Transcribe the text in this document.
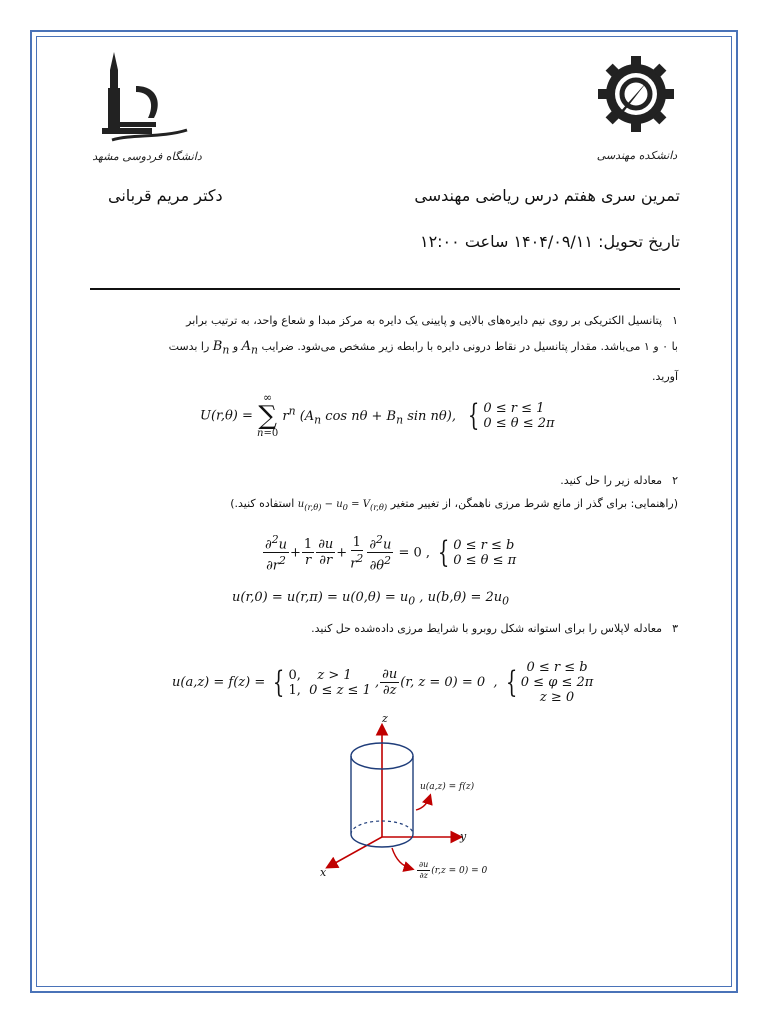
دانشگاه فردوسی مشهد	دانشکده مهندسی
تمرین سری هفتم درس ریاضی مهندسی
دکتر مریم قربانی
تاریخ تحویل: ۱۴۰۴/۰۹/۱۱ ساعت ۱۲:۰۰
۱پتانسیل الکتریکی بر روی نیم دایره‌های بالایی و پایینی یک دایره به مرکز مبدا و شعاع واحد، به ترتیب برابر
با ۰ و ۱ می‌باشد. مقدار پتانسیل در نقاط درونی دایره با رابطه زیر مشخص می‌شود. ضرایب $A_n$ و $B_n$ را بدست
آورید.
U(r,θ) =
∞
∑
n=0
$r^n$ ($A_n$ $\cos n\theta + B_n$ sin nθ), { 0 ≤ r ≤ 1
0 ≤ θ ≤ 2π
۲معادله زیر را حل کنید.
(راهنمایی: برای گذر از مانع شرط مرزی ناهمگن، از تغییر متغیر $u_{(r,\theta)} - u_0 = V_{(r,\theta)}$ استفاده کنید.)
$\frac{\partial^2u}{\partial r^2} + \frac{1}{r} \frac{\partial u}{\partial r} + \frac{1}{r^2} \frac{\partial^2u}{\partial\theta^2} = 0$ , { 0 ≤ r ≤ b
0 ≤ θ ≤ π
$u(r,0) = u(r,\pi) = u(0,\theta) = u_0$ , $u(b,\theta) = 2u_0$
۳معادله لاپلاس را برای استوانه شکل روبرو با شرایط مرزی داده‌شده حل کنید.
u(a,z) = f(z) = { 0,    z > 1
1,  0 ≤ z ≤ 1 , $\frac{\partial u}{\partial z} (r$, z = 0) = 0  , { 0 ≤ r ≤ b
0 ≤ φ ≤ 2π
z ≥ 0
z
y
x
u(a,z) = f(z)
$\frac{\partial u}{\partial z} (r,z = 0) = 0$
